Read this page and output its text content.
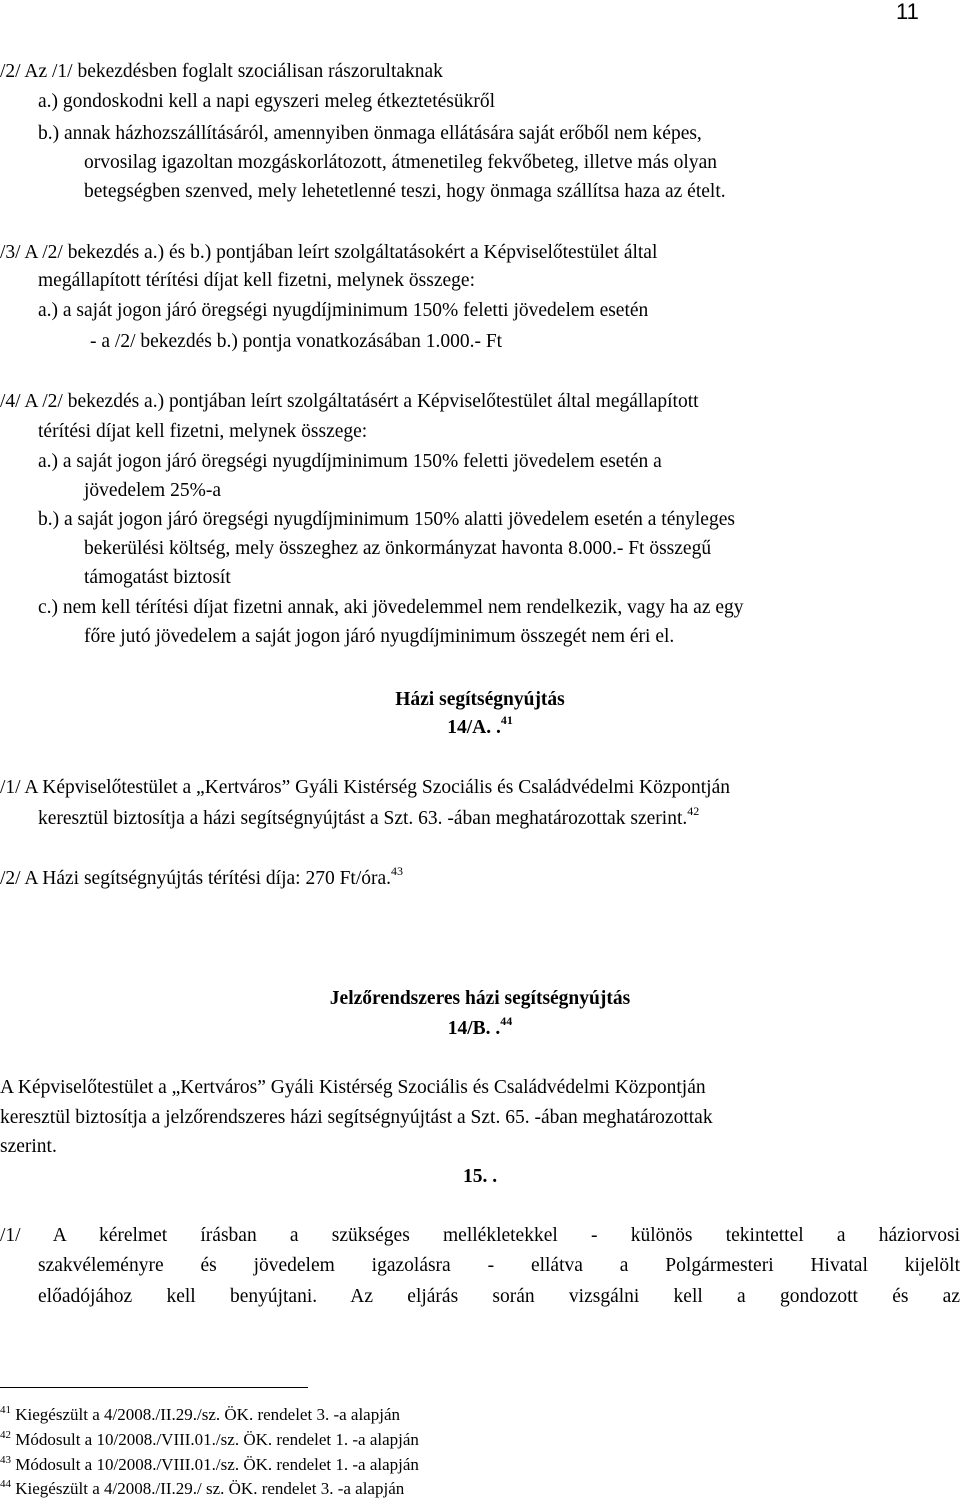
11
/2/ Az /1/ bekezdésben foglalt szociálisan rászorultaknak
a.) gondoskodni kell a napi egyszeri meleg étkeztetésükről
b.) annak házhozszállításáról, amennyiben önmaga ellátására saját erőből nem képes,
orvosilag igazoltan mozgáskorlátozott, átmenetileg fekvőbeteg, illetve más olyan
betegségben szenved, mely lehetetlenné teszi, hogy önmaga szállítsa haza az ételt.
/3/ A /2/ bekezdés a.) és b.) pontjában leírt szolgáltatásokért a Képviselőtestület által
megállapított térítési díjat kell fizetni, melynek összege:
a.) a saját jogon járó öregségi nyugdíjminimum 150% feletti jövedelem esetén
- a /2/ bekezdés b.) pontja vonatkozásában 1.000.- Ft
/4/ A /2/ bekezdés a.) pontjában leírt szolgáltatásért a Képviselőtestület által megállapított
térítési díjat kell fizetni, melynek összege:
a.) a saját jogon járó öregségi nyugdíjminimum 150% feletti jövedelem esetén a
jövedelem 25%-a
b.) a saját jogon járó öregségi nyugdíjminimum 150% alatti jövedelem esetén a tényleges
bekerülési költség, mely összeghez az önkormányzat havonta 8.000.- Ft összegű
támogatást biztosít
c.) nem kell térítési díjat fizetni annak, aki jövedelemmel nem rendelkezik, vagy ha az egy
főre jutó jövedelem a saját jogon járó nyugdíjminimum összegét nem éri el.
Házi segítségnyújtás
14/A. .$^{41}$
/1/ A Képviselőtestület a „Kertváros” Gyáli Kistérség Szociális és Családvédelmi Központján
keresztül biztosítja a házi segítségnyújtást a Szt. 63. -ában meghatározottak szerint.$^{42}$
/2/ A Házi segítségnyújtás térítési díja: 270 Ft/óra.$^{43}$
Jelzőrendszeres házi segítségnyújtás
14/B. .$^{44}$
A Képviselőtestület a „Kertváros” Gyáli Kistérség Szociális és Családvédelmi Központján
keresztül biztosítja a jelzőrendszeres házi segítségnyújtást a Szt. 65. -ában meghatározottak
szerint.
15. .
/1/ A kérelmet írásban a szükséges mellékletekkel - különös tekintettel a háziorvosi
szakvéleményre és jövedelem igazolásra - ellátva a Polgármesteri Hivatal kijelölt
előadójához kell benyújtani. Az eljárás során vizsgálni kell a gondozott és az
$^{41}$ Kiegészült a 4/2008./II.29./sz. ÖK. rendelet 3. -a alapján
$^{42}$ Módosult a 10/2008./VIII.01./sz. ÖK. rendelet 1. -a alapján
$^{43}$ Módosult a 10/2008./VIII.01./sz. ÖK. rendelet 1. -a alapján
$^{44}$ Kiegészült a 4/2008./II.29./ sz. ÖK. rendelet 3. -a alapján
